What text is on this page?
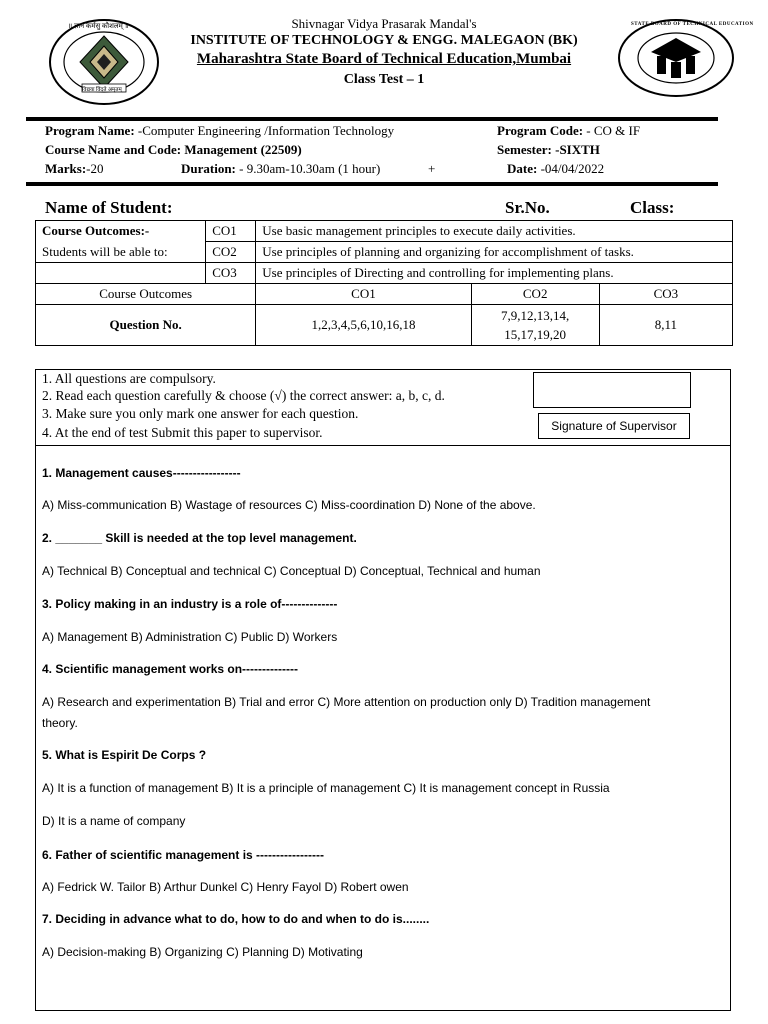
॥ ज्ञानं कर्मसु कौशलम् ॥
विद्यया विंदते अमृतम्
STATE BOARD OF TECHNICAL EDUCATION
Shivnagar Vidya Prasarak Mandal's
INSTITUTE OF TECHNOLOGY & ENGG. MALEGAON (BK)
Maharashtra State Board of Technical Education,Mumbai
Class Test – 1
Program Name: -Computer Engineering /Information Technology	Program Code: - CO & IF
Course Name and Code: Management (22509)	Semester: -SIXTH
Marks:-20	Duration: - 9.30am-10.30am (1 hour)	+	Date: -04/04/2022
Name of Student:	Sr.No.	Class:
Course Outcomes:-	CO1	Use basic management principles to execute daily activities.		
Students will be able to:	CO2	Use principles of planning and organizing for accomplishment of tasks.		
	CO3	Use principles of Directing and controlling for implementing plans.		
Course Outcomes		CO1	CO2	CO3
Question No.		1,2,3,4,5,6,10,16,18	7,9,12,13,14,
15,17,19,20	8,11
1. All questions are compulsory.
2. Read each question carefully & choose (√) the correct answer: a, b, c, d.
3. Make sure you only mark one answer for each question.
4. At the end of test Submit this paper to supervisor.	Signature of Supervisor
1. Management causes-----------------
A) Miss-communication B) Wastage of resources C) Miss-coordination D) None of the above.
2. _______ Skill is needed at the top level management.
A) Technical B) Conceptual and technical C) Conceptual D) Conceptual, Technical and human
3. Policy making in an industry is a role of--------------
A) Management B) Administration C) Public D) Workers
4. Scientific management works on--------------
A) Research and experimentation B) Trial and error C) More attention on production only D) Tradition management
theory.
5. What is Espirit De Corps ?
A) It is a function of management B) It is a principle of management C) It is management concept in Russia
D) It is a name of company
6. Father of scientific management is -----------------
A) Fedrick W. Tailor B) Arthur Dunkel C) Henry Fayol D) Robert owen
7. Deciding in advance what to do, how to do and when to do is........
A) Decision-making B) Organizing C) Planning D) Motivating
